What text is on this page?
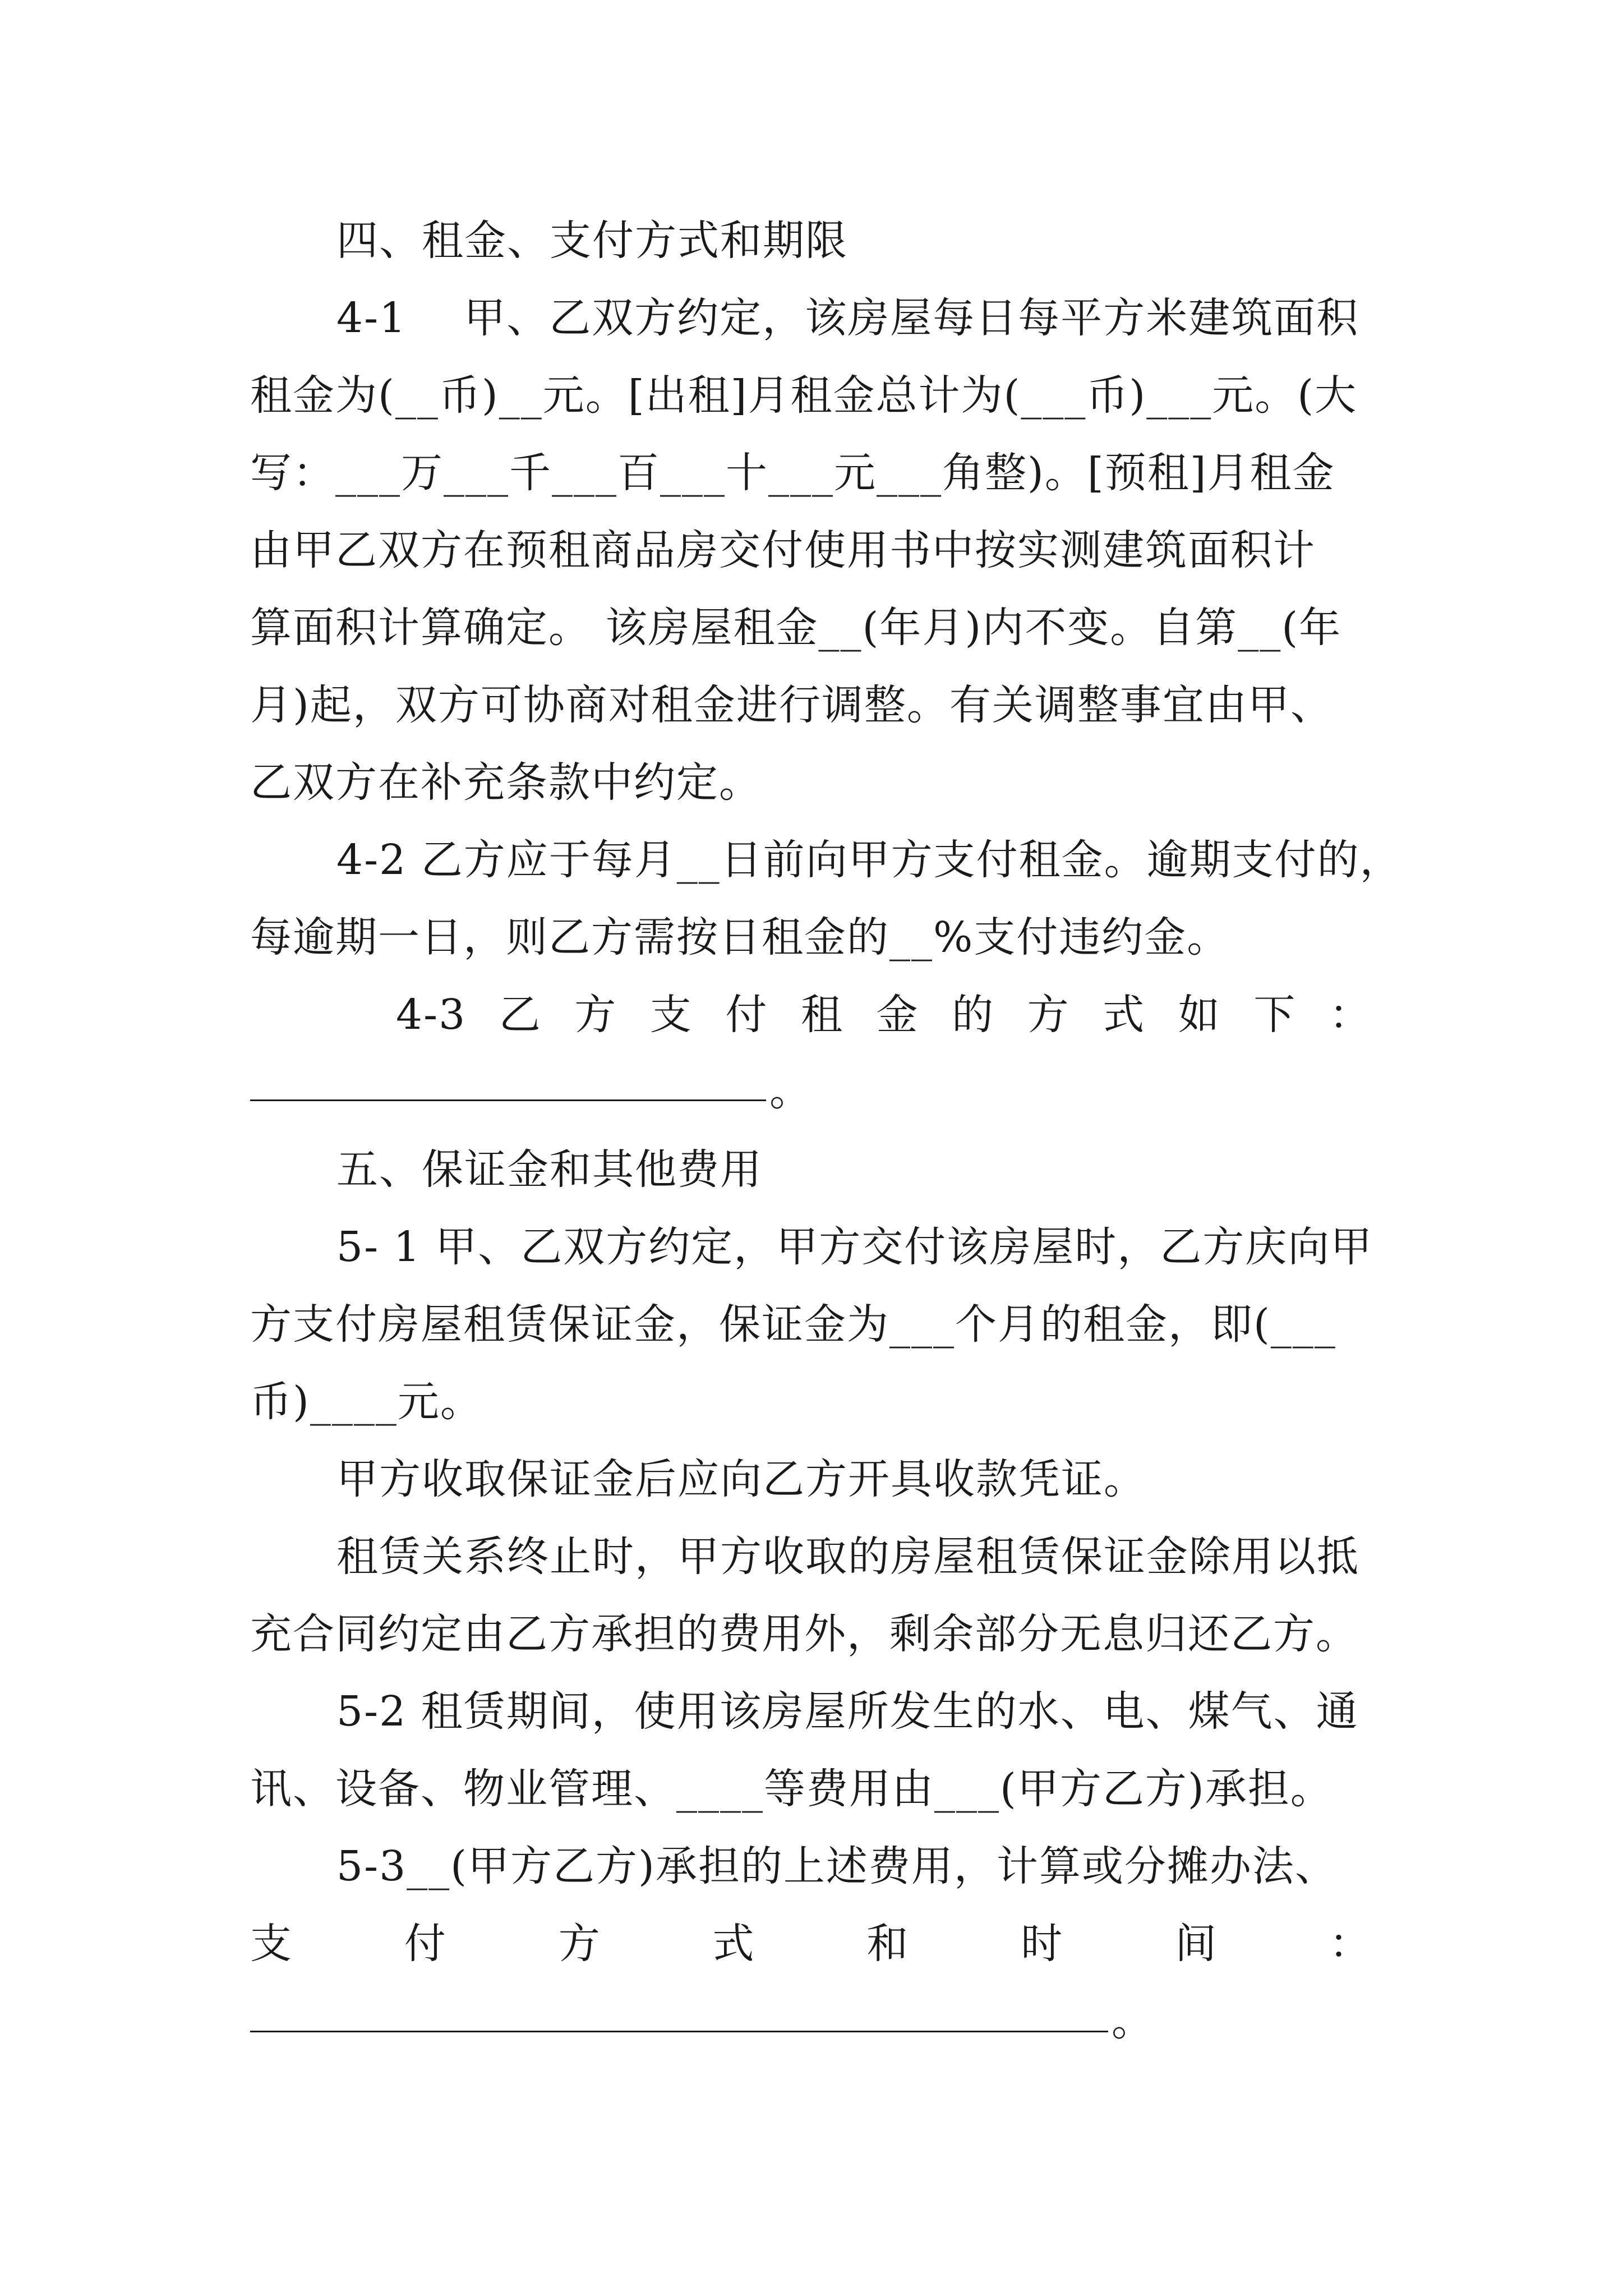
四、租金、支付方式和期限
4-1    甲、乙双方约定，该房屋每日每平方米建筑面积
租金为(__币)__元。[出租]月租金总计为(___币)___元。(大
写：___万___千___百___十___元___角整)。[预租]月租金
由甲乙双方在预租商品房交付使用书中按实测建筑面积计
算面积计算确定。 该房屋租金__(年月)内不变。自第__(年
月)起，双方可协商对租金进行调整。有关调整事宜由甲、
乙双方在补充条款中约定。
4-2 乙方应于每月__日前向甲方支付租金。逾期支付的，
每逾期一日，则乙方需按日租金的__%支付违约金。
4-3 乙 方 支 付 租 金 的 方 式 如 下 ：
。
五、保证金和其他费用
5- 1 甲、乙双方约定，甲方交付该房屋时，乙方庆向甲
方支付房屋租赁保证金，保证金为___个月的租金，即(___
币)____元。
甲方收取保证金后应向乙方开具收款凭证。
租赁关系终止时，甲方收取的房屋租赁保证金除用以抵
充合同约定由乙方承担的费用外，剩余部分无息归还乙方。
5-2 租赁期间，使用该房屋所发生的水、电、煤气、通
讯、设备、物业管理、____等费用由___(甲方乙方)承担。
5-3__(甲方乙方)承担的上述费用，计算或分摊办法、
支	付	方	式	和	时	间	：
。
